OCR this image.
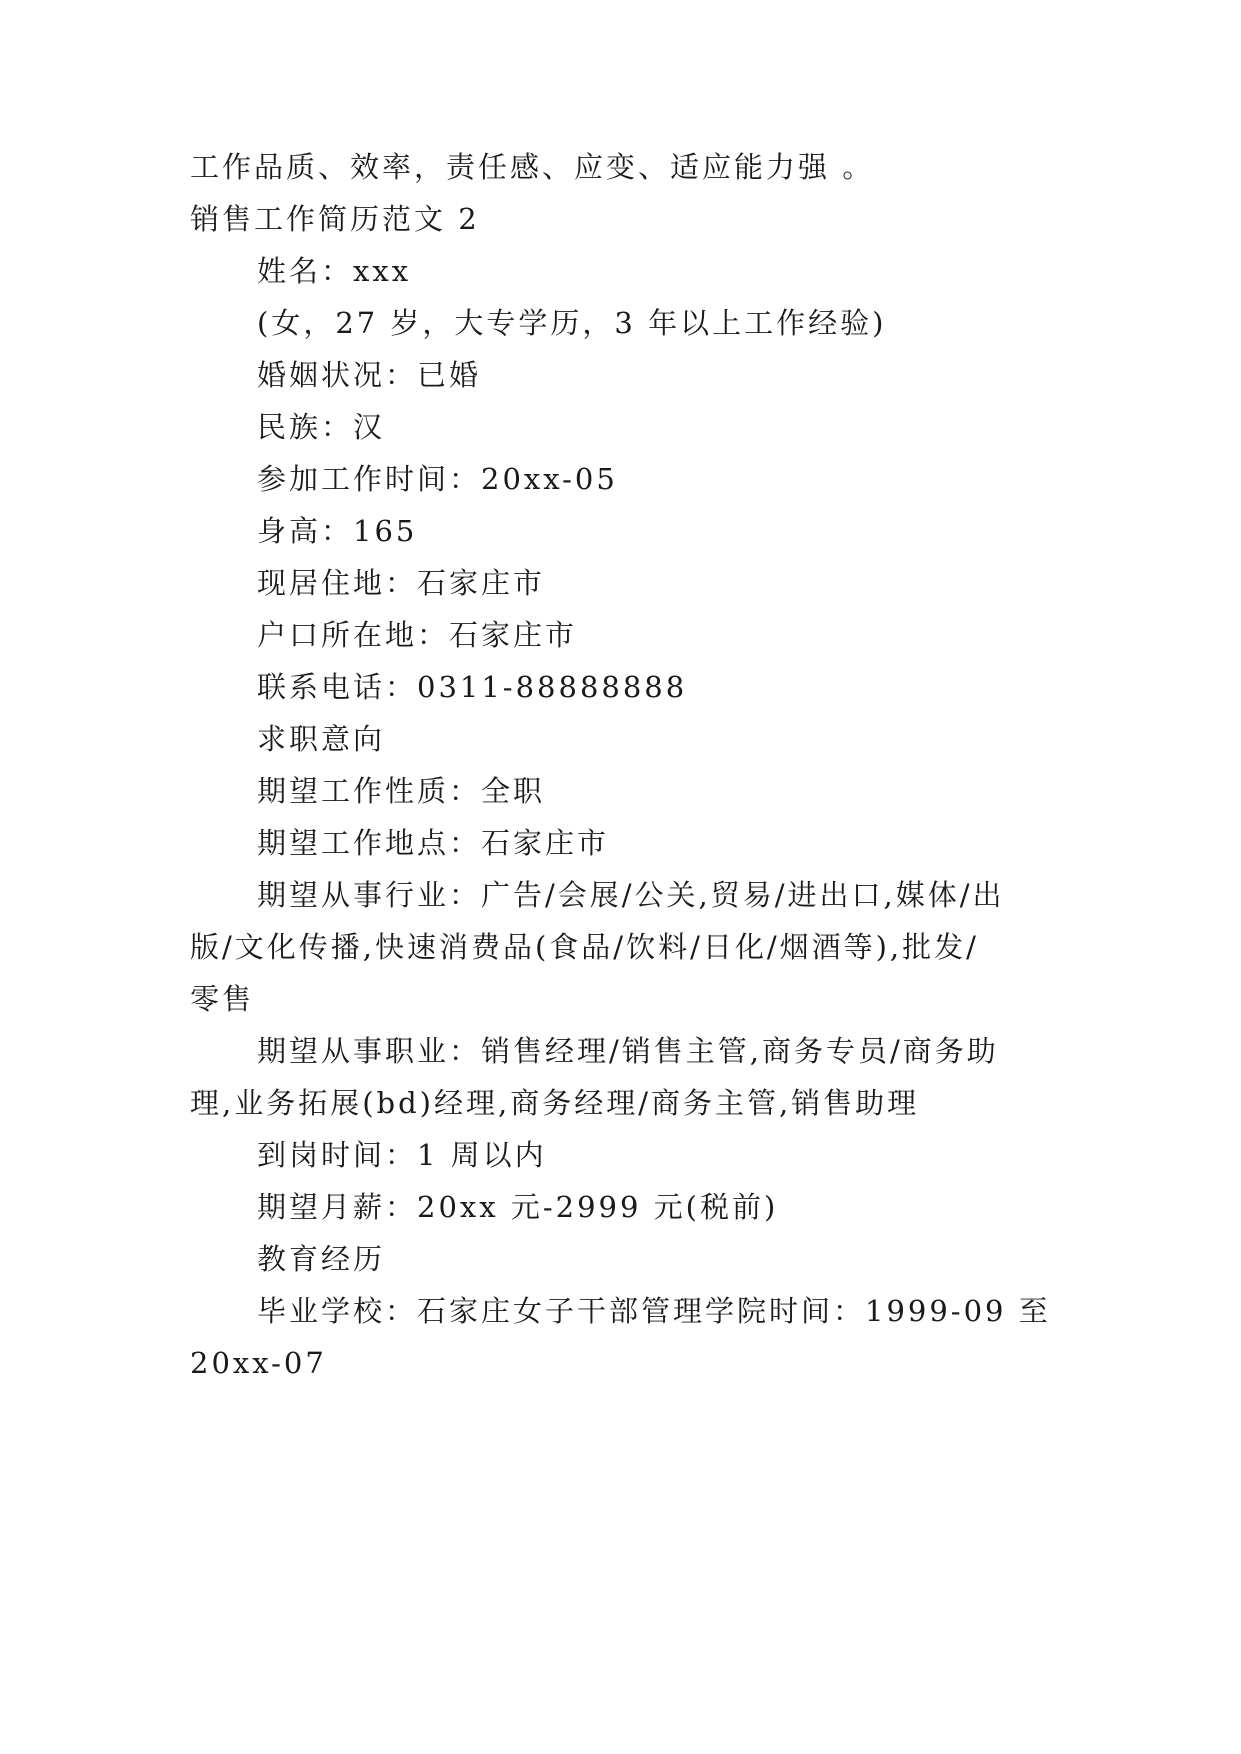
工作品质、效率，责任感、应变、适应能力强 。
销售工作简历范文 2
姓名：xxx
(女，27 岁，大专学历，3 年以上工作经验)
婚姻状况：已婚
民族：汉
参加工作时间：20xx-05
身高：165
现居住地：石家庄市
户口所在地：石家庄市
联系电话：0311-88888888
求职意向
期望工作性质：全职
期望工作地点：石家庄市
期望从事行业：广告/会展/公关,贸易/进出口,媒体/出
版/文化传播,快速消费品(食品/饮料/日化/烟酒等),批发/
零售
期望从事职业：销售经理/销售主管,商务专员/商务助
理,业务拓展(bd)经理,商务经理/商务主管,销售助理
到岗时间：1 周以内
期望月薪：20xx 元-2999 元(税前)
教育经历
毕业学校：石家庄女子干部管理学院时间：1999-09 至
20xx-07
